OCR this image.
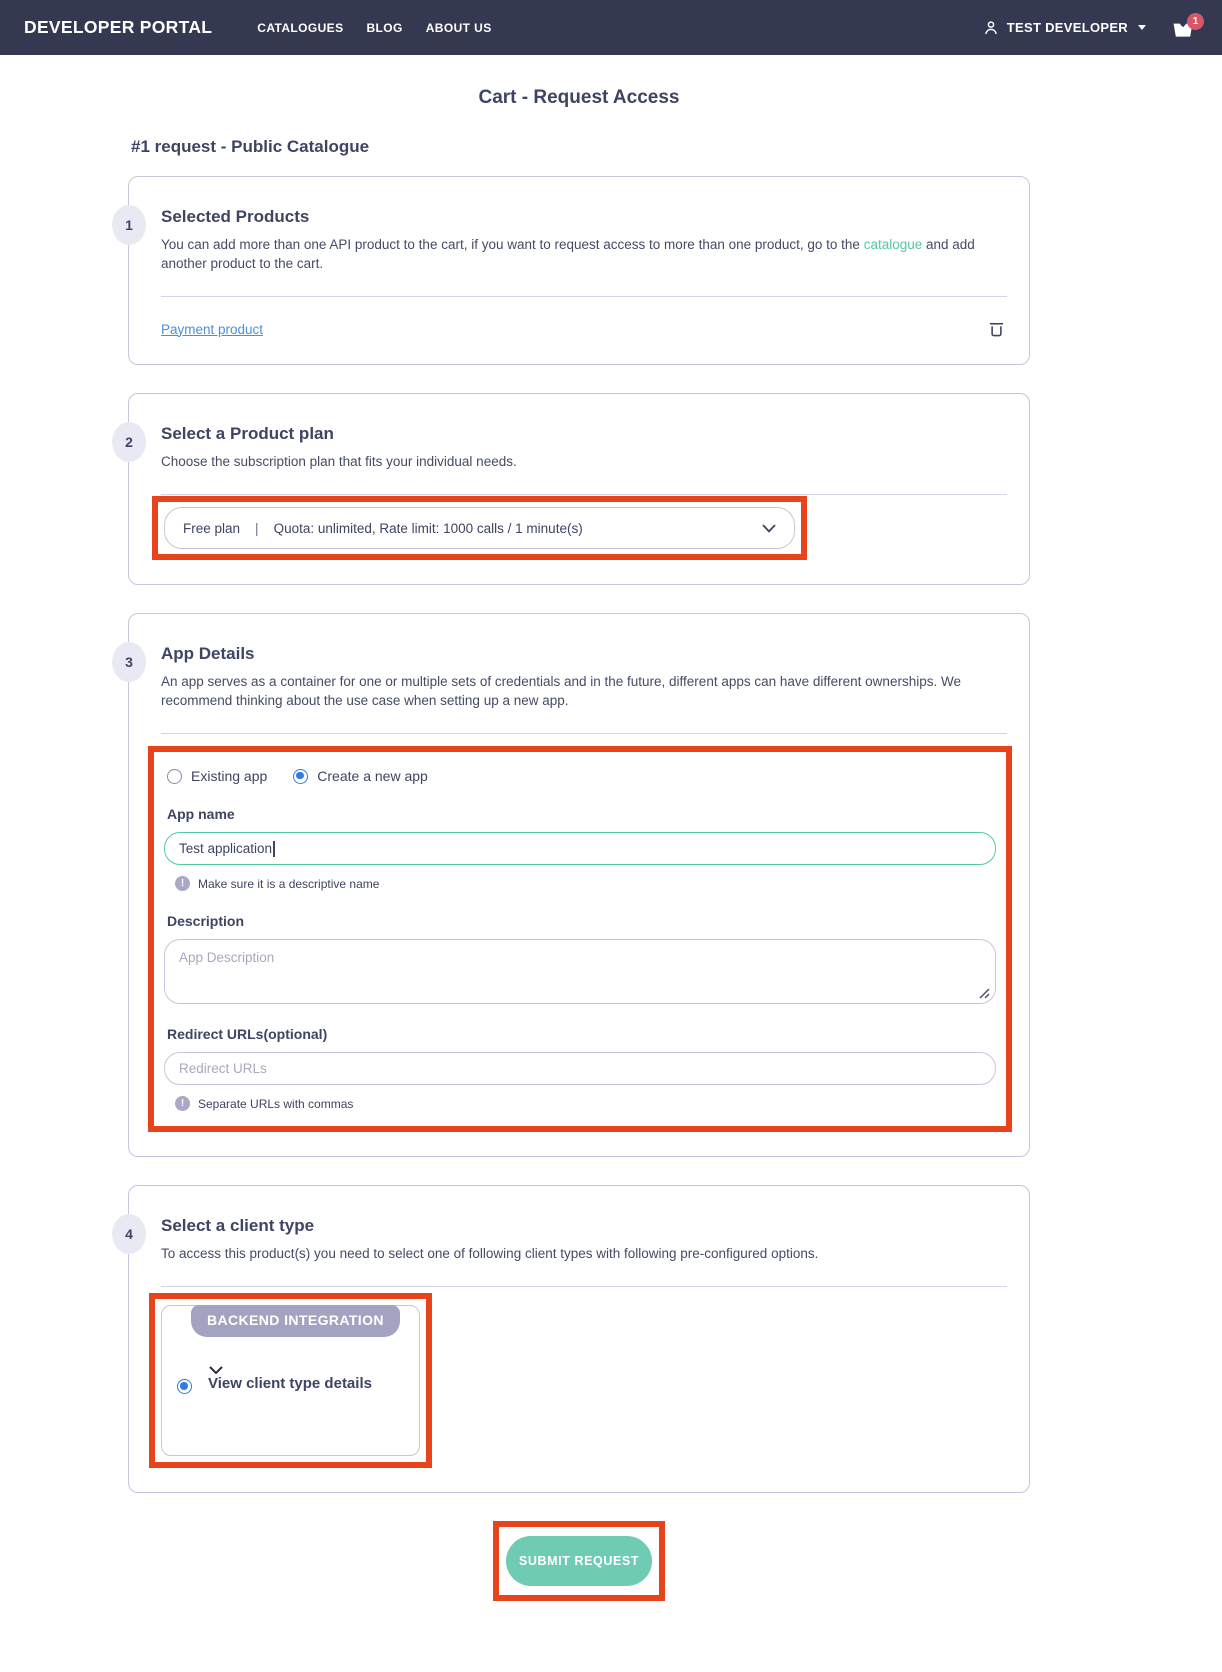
DEVELOPER PORTAL	CATALOGUES BLOG ABOUT US	TEST DEVELOPER	1
Cart - Request Access
#1 request - Public Catalogue
1	Selected Products
You can add more than one API product to the cart, if you want to request access to more than one product, go to the catalogue and add another product to the cart.
Payment product
2	Select a Product plan
Choose the subscription plan that fits your individual needs.
Free plan | Quota: unlimited, Rate limit: 1000 calls / 1 minute(s)
3	App Details
An app serves as a container for one or multiple sets of credentials and in the future, different apps can have different ownerships. We recommend thinking about the use case when setting up a new app.
Existing app	Create a new app
App name
Test application
!	Make sure it is a descriptive name
Description
App Description
Redirect URLs(optional)
Redirect URLs
!	Separate URLs with commas
4	Select a client type
To access this product(s) you need to select one of following client types with following pre-configured options.
BACKEND INTEGRATION
View client type details
SUBMIT REQUEST
